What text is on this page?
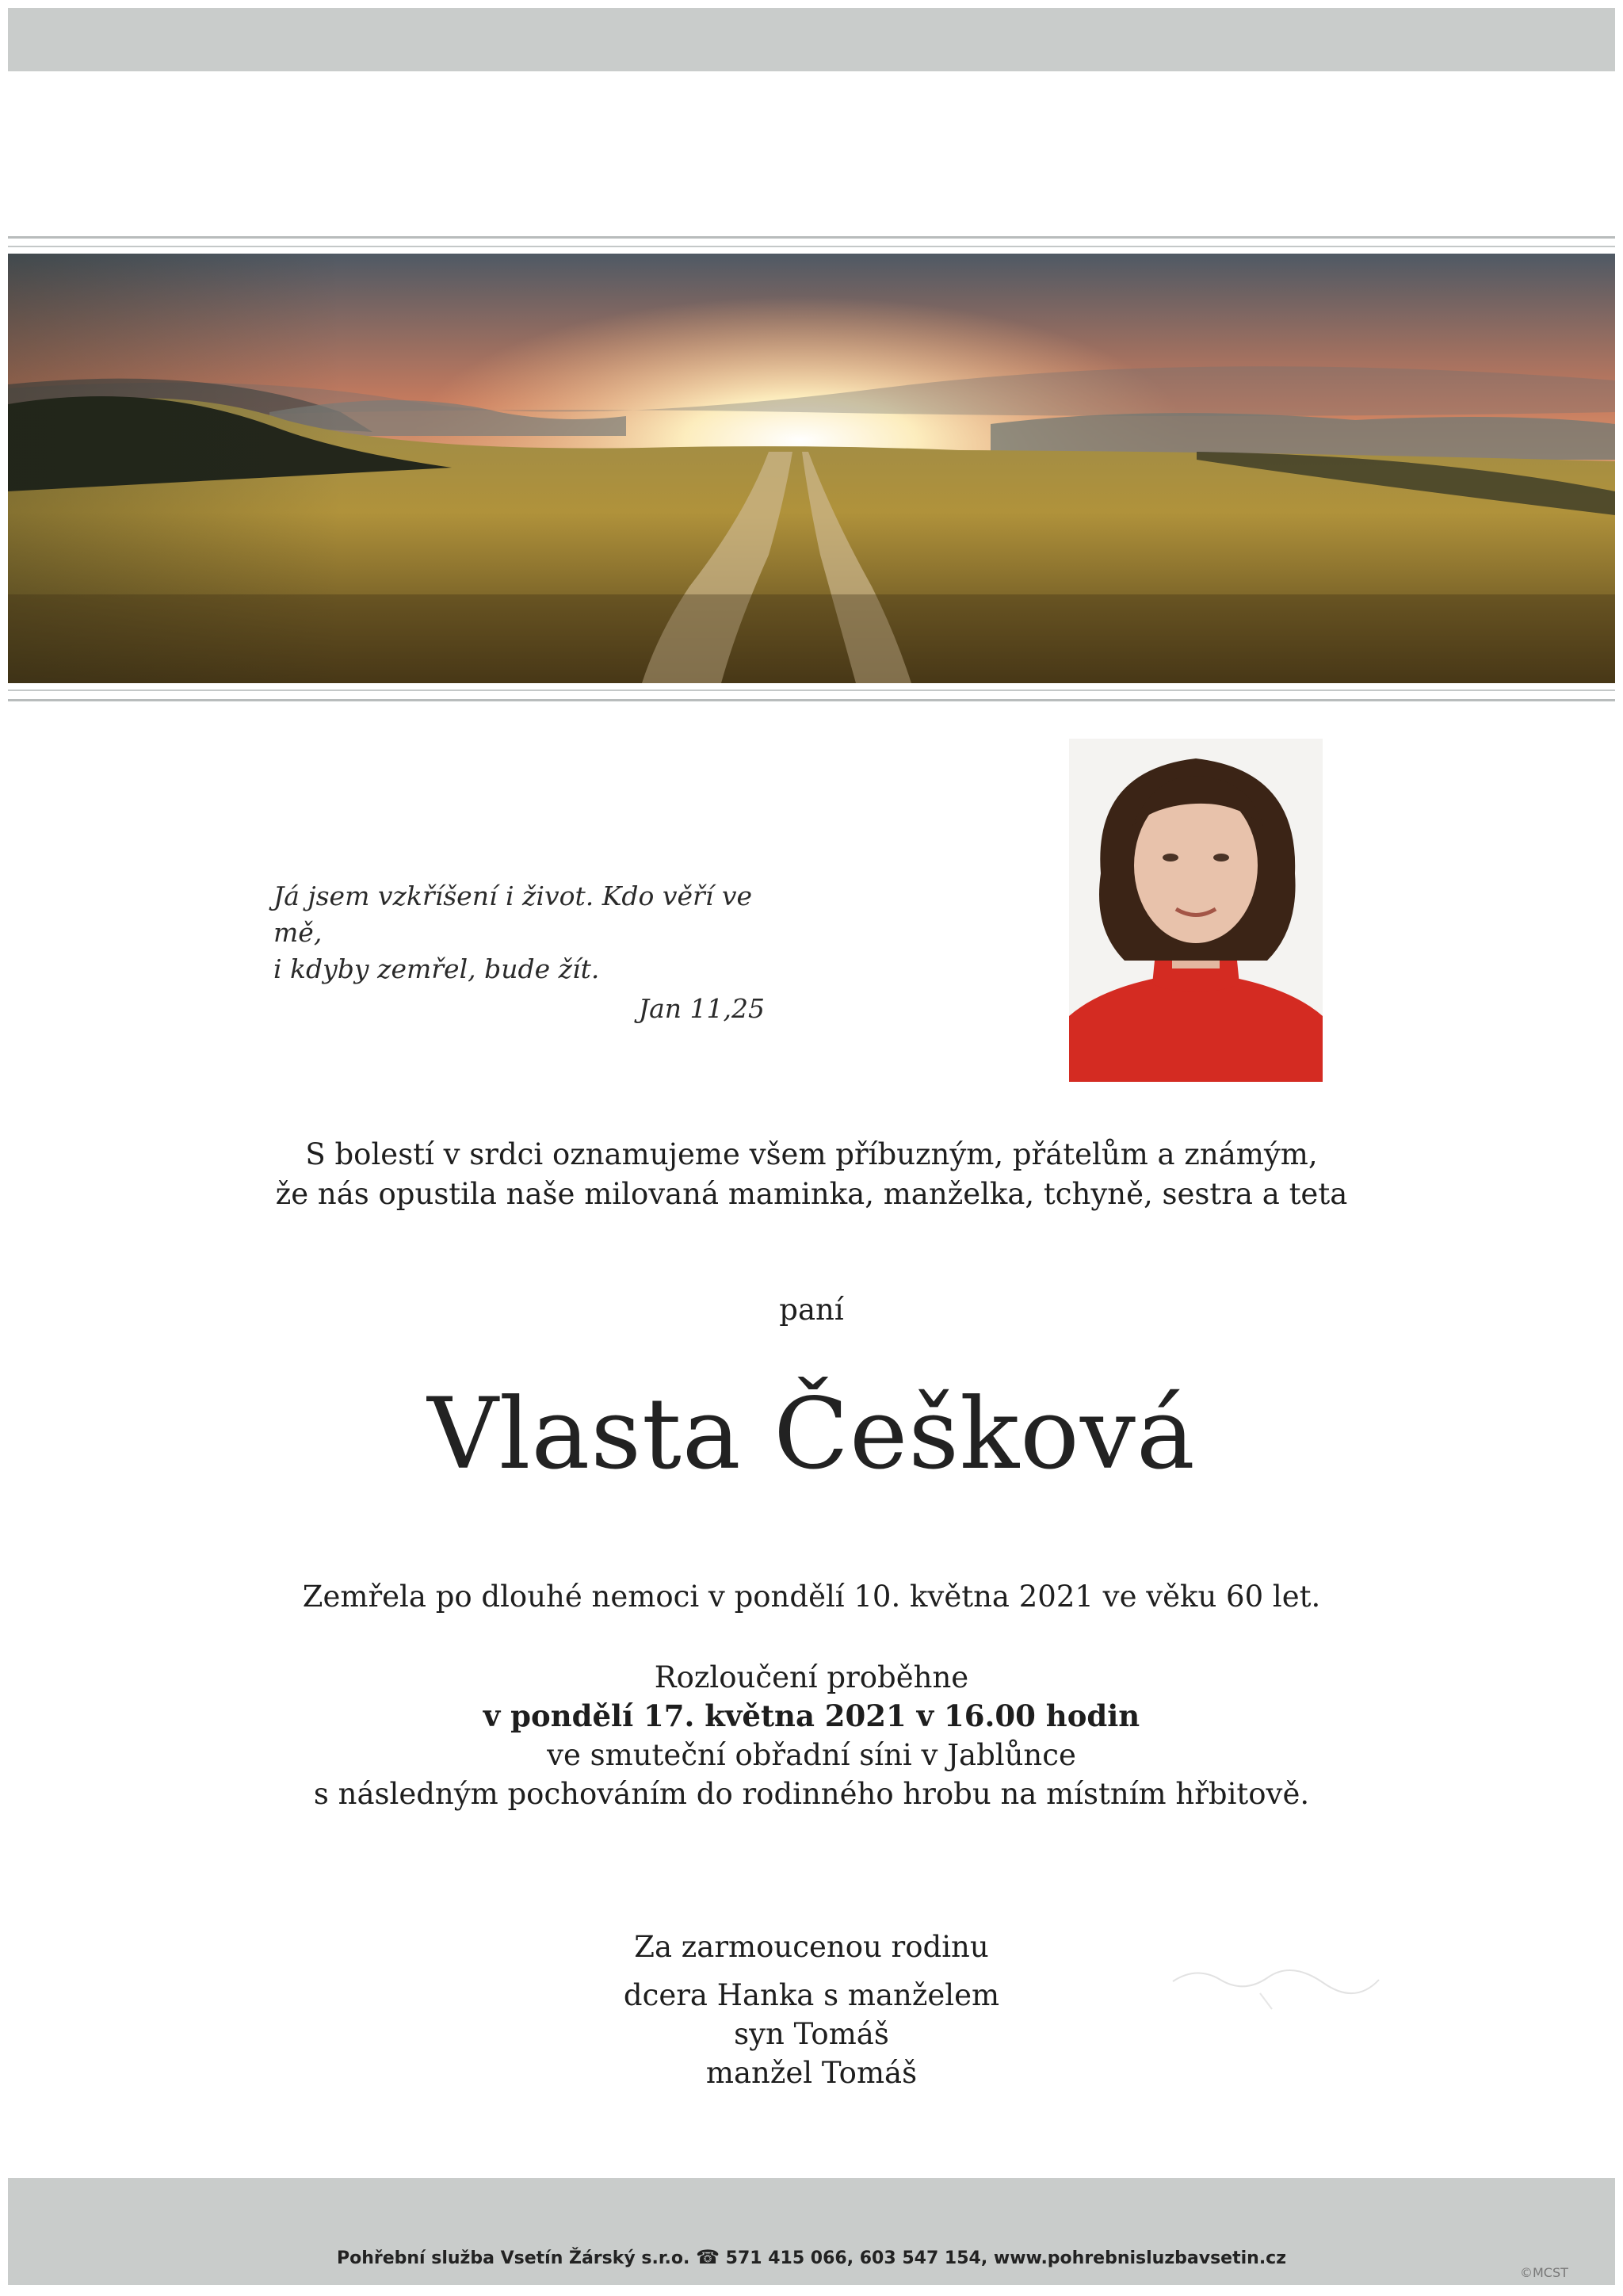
Já jsem vzkříšení i život. Kdo věří ve mě,
i kdyby zemřel, bude žít.
Jan 11,25
S bolestí v srdci oznamujeme všem příbuzným, přátelům a známým,
že nás opustila naše milovaná maminka, manželka, tchyně, sestra a teta
paní
Vlasta Češková
Zemřela po dlouhé nemoci v pondělí 10. května 2021 ve věku 60 let.
Rozloučení proběhne
v pondělí 17. května 2021 v 16.00 hodin
ve smuteční obřadní síni v Jablůnce
s následným pochováním do rodinného hrobu na místním hřbitově.
Za zarmoucenou rodinu
dcera Hanka s manželem
syn Tomáš
manžel Tomáš
Pohřební služba Vsetín Žárský s.r.o. ☎ 571 415 066, 603 547 154, www.pohrebnisluzbavsetin.cz
©MCST
